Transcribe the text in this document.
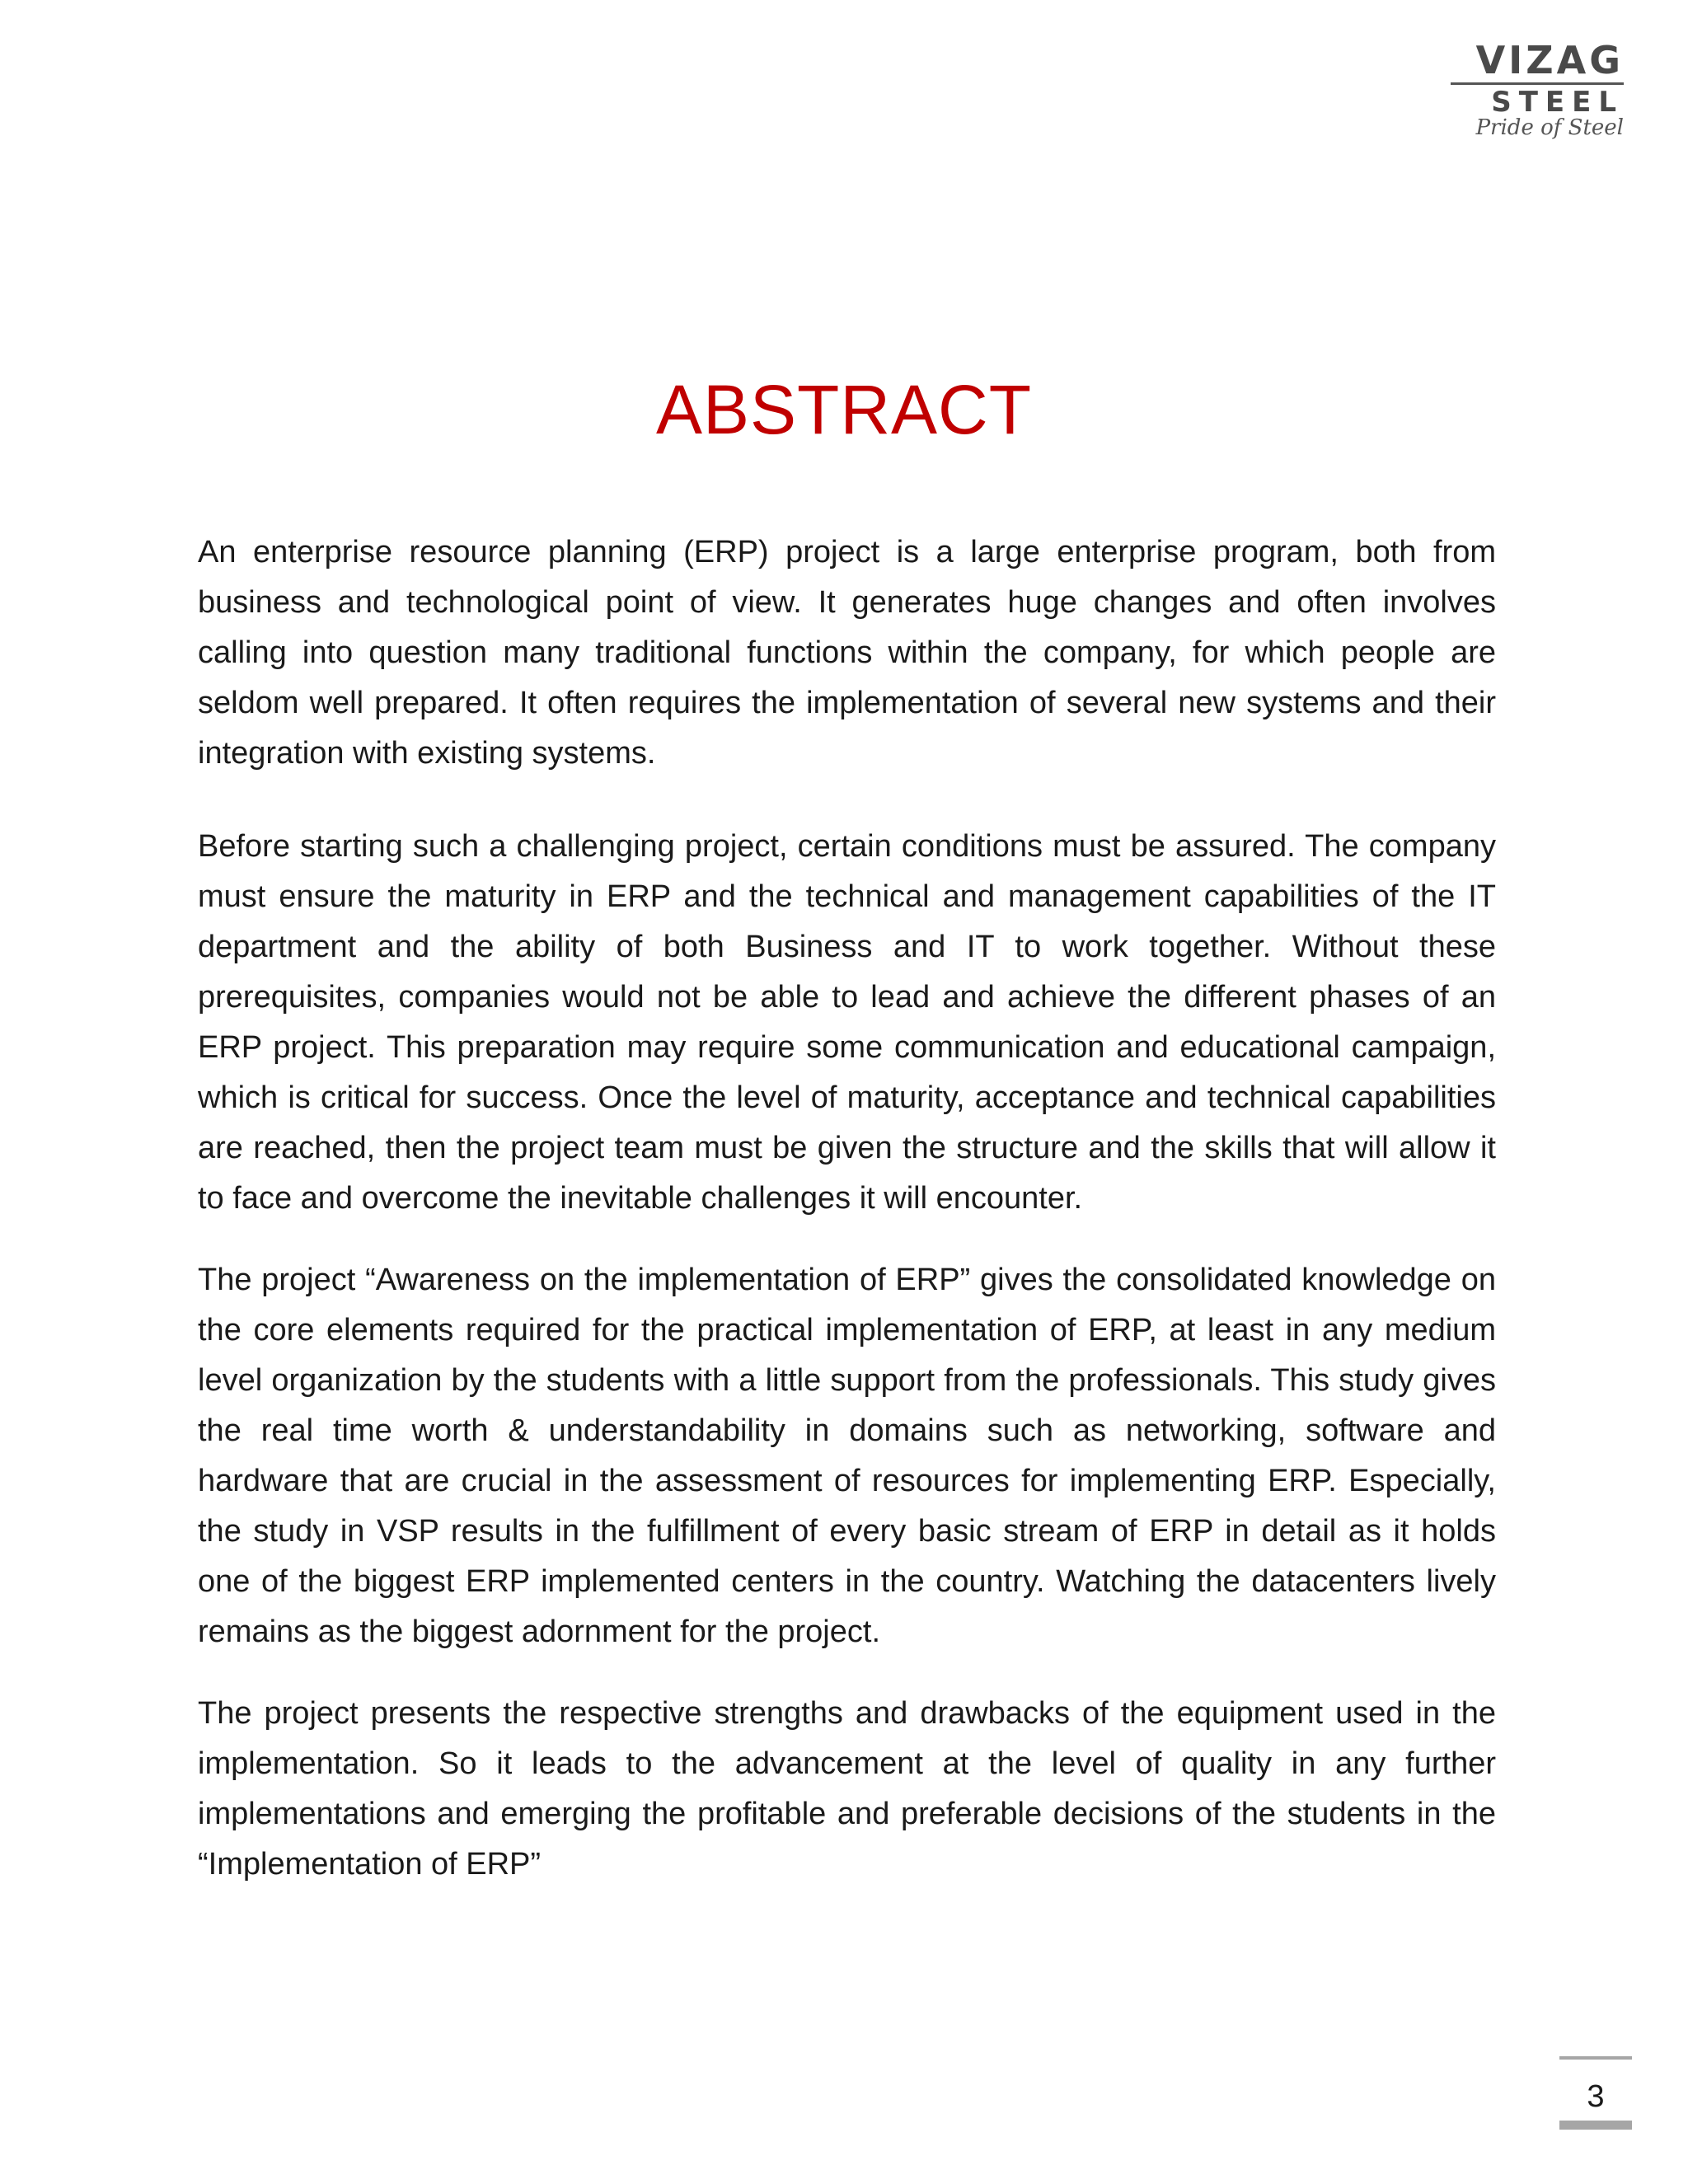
VIZAG
STEEL
Pride of Steel
ABSTRACT

An enterprise resource planning (ERP) project is a large enterprise program, both from business and technological point of view. It generates huge changes and often involves calling into question many traditional functions within the company, for which people are seldom well prepared. It often requires the implementation of several new systems and their integration with existing systems.

Before starting such a challenging project, certain conditions must be assured. The company must ensure the maturity in ERP and the technical and management capabilities of the IT department and the ability of both Business and IT to work together. Without these prerequisites, companies would not be able to lead and achieve the different phases of an ERP project. This preparation may require some communication and educational campaign, which is critical for success. Once the level of maturity, acceptance and technical capabilities are reached, then the project team must be given the structure and the skills that will allow it to face and overcome the inevitable challenges it will encounter.

The project “Awareness on the implementation of ERP” gives the consolidated knowledge on the core elements required for the practical implementation of ERP, at least in any medium level organization by the students with a little support from the professionals. This study gives the real time worth & understandability in domains such as networking, software and hardware that are crucial in the assessment of resources for implementing ERP. Especially, the study in VSP results in the fulfillment of every basic stream of ERP in detail as it holds one of the biggest ERP implemented centers in the country. Watching the datacenters lively remains as the biggest adornment for the project.

The project presents the respective strengths and drawbacks of the equipment used in the implementation. So it leads to the advancement at the level of quality in any further implementations and emerging the profitable and preferable decisions of the students in the “Implementation of ERP”

3
